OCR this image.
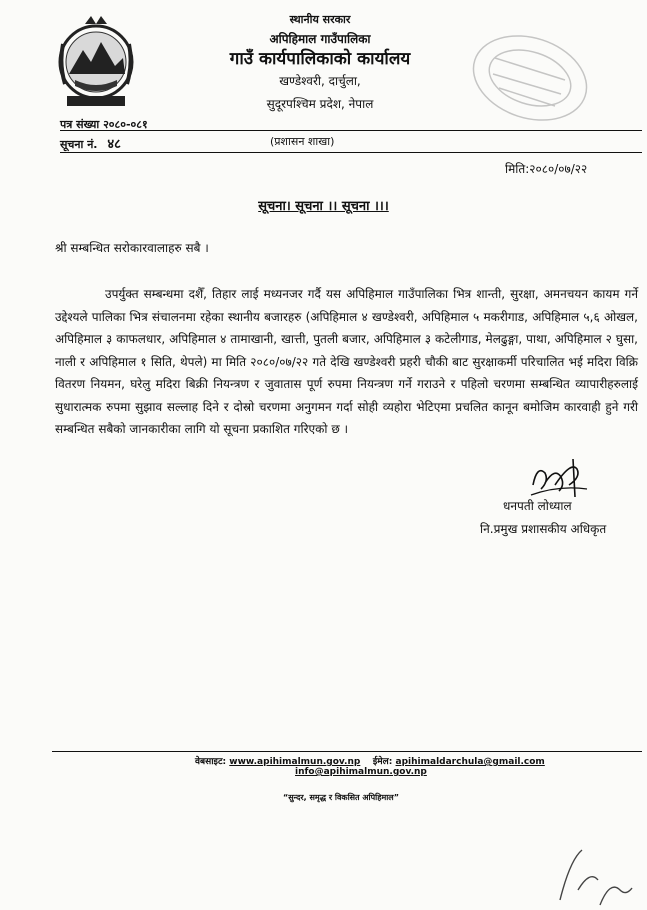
स्थानीय सरकार
अपिहिमाल गाउँपालिका
गाउँ कार्यपालिकाको कार्यालय
खण्डेश्वरी, दार्चुला,
सुदूरपश्चिम प्रदेश, नेपाल
पत्र संख्या २०८०-०८१
सूचना नं. ४८	(प्रशासन शाखा)
मिति:२०८०/०७/२२
सूचना। सूचना ।। सूचना ।।।
श्री सम्बन्धित सरोकारवालाहरु सबै ।
उपर्युक्त सम्बन्धमा दशैँ, तिहार लाई मध्यनजर गर्दै यस अपिहिमाल गाउँपालिका भित्र शान्ती, सुरक्षा, अमनचयन कायम गर्ने उद्देश्यले पालिका भित्र संचालनमा रहेका स्थानीय बजारहरु (अपिहिमाल ४ खण्डेश्वरी, अपिहिमाल ५ मकरीगाड, अपिहिमाल ५,६ ओखल, अपिहिमाल ३ काफलधार, अपिहिमाल ४ तामाखानी, खात्ती, पुतली बजार, अपिहिमाल ३ कटेलीगाड, मेलढुङ्गा, पाथा, अपिहिमाल २ घुसा, नाली र अपिहिमाल १ सिति, थेपले) मा मिति २०८०/०७/२२ गते देखि खण्डेश्वरी प्रहरी चौकी बाट सुरक्षाकर्मी परिचालित भई मदिरा विक्रि वितरण नियमन, घरेलु मदिरा बिक्री नियन्त्रण र जुवातास पूर्ण रुपमा नियन्त्रण गर्ने गराउने र पहिलो चरणमा सम्बन्धित व्यापारीहरुलाई सुधारात्मक रुपमा सुझाव सल्लाह दिने र दोस्रो चरणमा अनुगमन गर्दा सोही व्यहोरा भेटिएमा प्रचलित कानून बमोजिम कारवाही हुने गरी सम्बन्धित सबैको जानकारीका लागि यो सूचना प्रकाशित गरिएको छ ।
धनपती लोध्याल
नि.प्रमुख प्रशासकीय अधिकृत
वेबसाइट: www.apihimalmun.gov.np ईमेल: apihimaldarchula@gmail.com
info@apihimalmun.gov.np
“सुन्दर, समृद्ध र विकसित अपिहिमाल”
